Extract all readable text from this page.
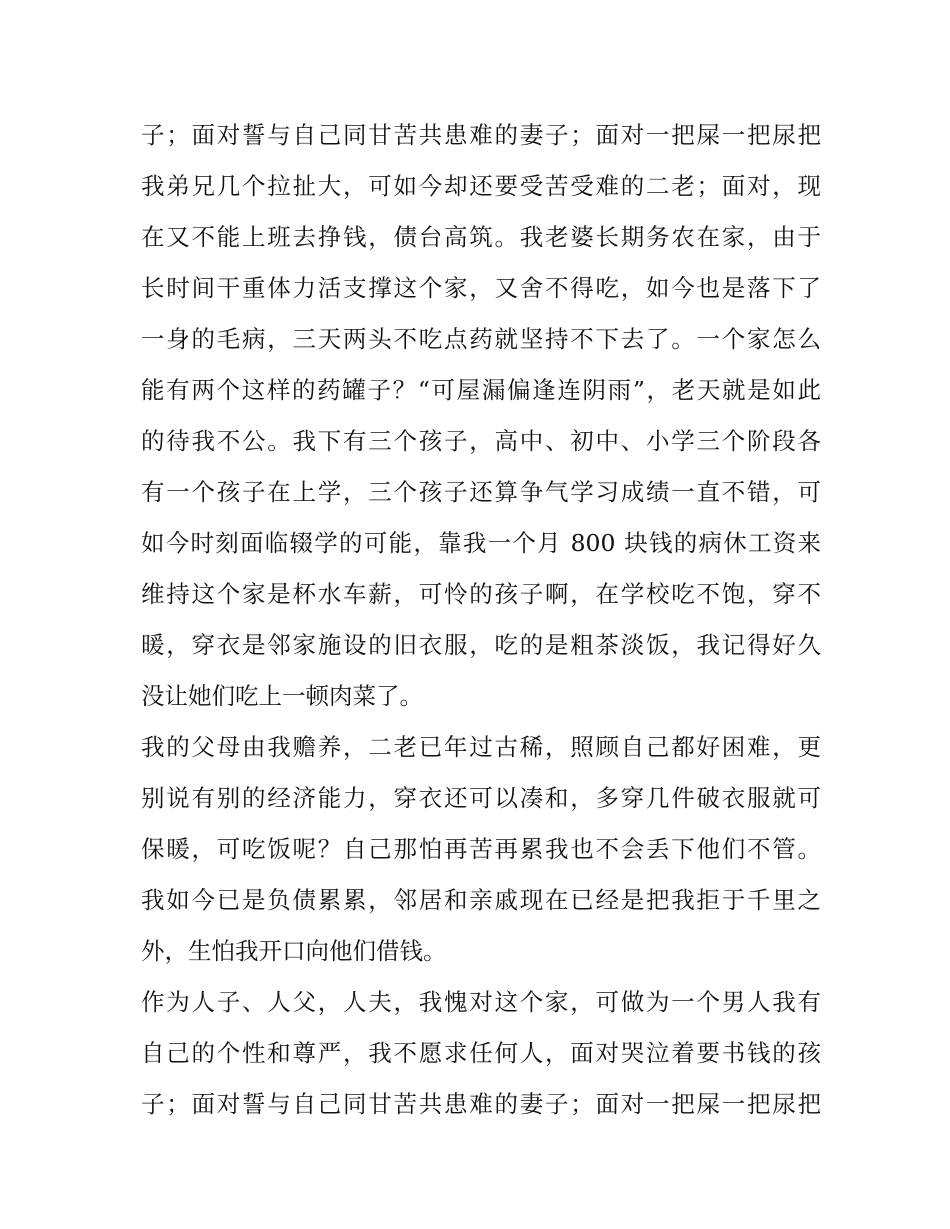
子；面对誓与自己同甘苦共患难的妻子；面对一把屎一把尿把
我弟兄几个拉扯大，可如今却还要受苦受难的二老；面对，现
在又不能上班去挣钱，债台高筑。我老婆长期务农在家，由于
长时间干重体力活支撑这个家，又舍不得吃，如今也是落下了
一身的毛病，三天两头不吃点药就坚持不下去了。一个家怎么
能有两个这样的药罐子？“可屋漏偏逢连阴雨”，老天就是如此
的待我不公。我下有三个孩子，高中、初中、小学三个阶段各
有一个孩子在上学，三个孩子还算争气学习成绩一直不错，可
如今时刻面临辍学的可能，靠我一个月 800 块钱的病休工资来
维持这个家是杯水车薪，可怜的孩子啊，在学校吃不饱，穿不
暖，穿衣是邻家施设的旧衣服，吃的是粗茶淡饭，我记得好久
没让她们吃上一顿肉菜了。
我的父母由我赡养，二老已年过古稀，照顾自己都好困难，更
别说有别的经济能力，穿衣还可以凑和，多穿几件破衣服就可
保暖，可吃饭呢？自己那怕再苦再累我也不会丢下他们不管。
我如今已是负债累累，邻居和亲戚现在已经是把我拒于千里之
外，生怕我开口向他们借钱。
作为人子、人父，人夫，我愧对这个家，可做为一个男人我有
自己的个性和尊严，我不愿求任何人，面对哭泣着要书钱的孩
子；面对誓与自己同甘苦共患难的妻子；面对一把屎一把尿把
